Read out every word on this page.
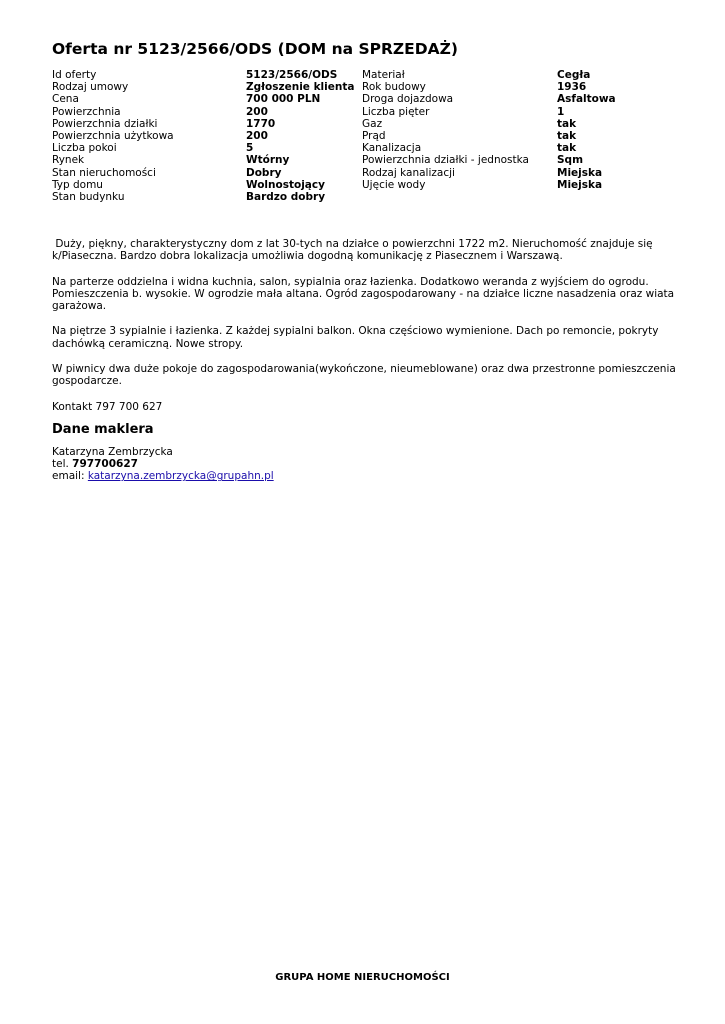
Oferta nr 5123/2566/ODS (DOM na SPRZEDAŻ)
Id oferty
Rodzaj umowy
Cena
Powierzchnia
Powierzchnia działki
Powierzchnia użytkowa
Liczba pokoi
Rynek
Stan nieruchomości
Typ domu
Stan budynku
5123/2566/ODS
Zgłoszenie klienta
700 000 PLN
200
1770
200
5
Wtórny
Dobry
Wolnostojący
Bardzo dobry
Materiał
Rok budowy
Droga dojazdowa
Liczba pięter
Gaz
Prąd
Kanalizacja
Powierzchnia działki - jednostka
Rodzaj kanalizacji
Ujęcie wody
Cegła
1936
Asfaltowa
1
tak
tak
tak
Sqm
Miejska
Miejska

Duży, piękny, charakterystyczny dom z lat 30-tych na działce o powierzchni 1722 m2. Nieruchomość znajduje się k/Piaseczna. Bardzo dobra lokalizacja umożliwia dogodną komunikację z Piasecznem i Warszawą.

Na parterze oddzielna i widna kuchnia, salon, sypialnia oraz łazienka. Dodatkowo weranda z wyjściem do ogrodu. Pomieszczenia b. wysokie. W ogrodzie mała altana. Ogród zagospodarowany - na działce liczne nasadzenia oraz wiata garażowa.

Na piętrze 3 sypialnie i łazienka. Z każdej sypialni balkon. Okna częściowo wymienione. Dach po remoncie, pokryty dachówką ceramiczną. Nowe stropy.

W piwnicy dwa duże pokoje do zagospodarowania(wykończone, nieumeblowane) oraz dwa przestronne pomieszczenia gospodarcze.

Kontakt 797 700 627

Dane maklera
Katarzyna Zembrzycka
tel. 797700627
email: katarzyna.zembrzycka@grupahn.pl
GRUPA HOME NIERUCHOMOŚCI
